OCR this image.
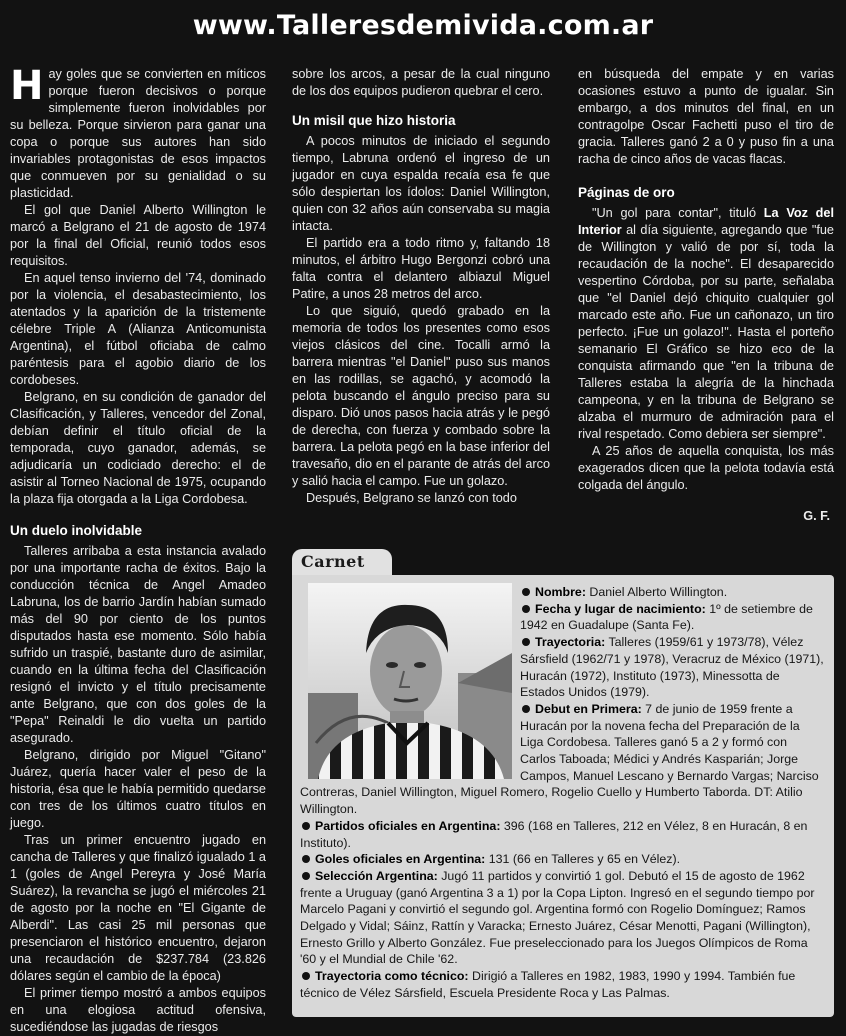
www.Talleresdemivida.com.ar

H ay goles que se convierten en míticos porque fueron decisivos o porque simplemente fueron inolvidables por su belleza. Porque sirvieron para ganar una copa o porque sus autores han sido invariables protagonistas de esos impactos que conmueven por su genialidad o su plasticidad.

El gol que Daniel Alberto Willington le marcó a Belgrano el 21 de agosto de 1974 por la final del Oficial, reunió todos esos requisitos.

En aquel tenso invierno del '74, dominado por la violencia, el desabastecimiento, los atentados y la aparición de la tristemente célebre Triple A (Alianza Anticomunista Argentina), el fútbol oficiaba de calmo paréntesis para el agobio diario de los cordobeses.

Belgrano, en su condición de ganador del Clasificación, y Talleres, vencedor del Zonal, debían definir el título oficial de la temporada, cuyo ganador, además, se adjudicaría un codiciado derecho: el de asistir al Torneo Nacional de 1975, ocupando la plaza fija otorgada a la Liga Cordobesa.

Un duelo inolvidable

Talleres arribaba a esta instancia avalado por una importante racha de éxitos. Bajo la conducción técnica de Angel Amadeo Labruna, los de barrio Jardín habían sumado más del 90 por ciento de los puntos disputados hasta ese momento. Sólo había sufrido un traspié, bastante duro de asimilar, cuando en la última fecha del Clasificación resignó el invicto y el título precisamente ante Belgrano, que con dos goles de la "Pepa" Reinaldi le dio vuelta un partido asegurado.

Belgrano, dirigido por Miguel "Gitano" Juárez, quería hacer valer el peso de la historia, ésa que le había permitido quedarse con tres de los últimos cuatro títulos en juego.

Tras un primer encuentro jugado en cancha de Talleres y que finalizó igualado 1 a 1 (goles de Angel Pereyra y José María Suárez), la revancha se jugó el miércoles 21 de agosto por la noche en "El Gigante de Alberdi". Las casi 25 mil personas que presenciaron el histórico encuentro, dejaron una recaudación de $237.784 (23.826 dólares según el cambio de la época)

El primer tiempo mostró a ambos equipos en una elogiosa actitud ofensiva, sucediéndose las jugadas de riesgos

sobre los arcos, a pesar de la cual ninguno de los dos equipos pudieron quebrar el cero.

Un misil que hizo historia

A pocos minutos de iniciado el segundo tiempo, Labruna ordenó el ingreso de un jugador en cuya espalda recaía esa fe que sólo despiertan los ídolos: Daniel Willington, quien con 32 años aún conservaba su magia intacta.

El partido era a todo ritmo y, faltando 18 minutos, el árbitro Hugo Bergonzi cobró una falta contra el delantero albiazul Miguel Patire, a unos 28 metros del arco.

Lo que siguió, quedó grabado en la memoria de todos los presentes como esos viejos clásicos del cine. Tocalli armó la barrera mientras "el Daniel" puso sus manos en las rodillas, se agachó, y acomodó la pelota buscando el ángulo preciso para su disparo. Dió unos pasos hacia atrás y le pegó de derecha, con fuerza y combado sobre la barrera. La pelota pegó en la base inferior del travesaño, dio en el parante de atrás del arco y salió hacia el campo. Fue un golazo.

Después, Belgrano se lanzó con todo

en búsqueda del empate y en varias ocasiones estuvo a punto de igualar. Sin embargo, a dos minutos del final, en un contragolpe Oscar Fachetti puso el tiro de gracia. Talleres ganó 2 a 0 y puso fin a una racha de cinco años de vacas flacas.

Páginas de oro

"Un gol para contar", tituló La Voz del Interior al día siguiente, agregando que "fue de Willington y valió de por sí, toda la recaudación de la noche". El desaparecido vespertino Córdoba, por su parte, señalaba que "el Daniel dejó chiquito cualquier gol marcado este año. Fue un cañonazo, un tiro perfecto. ¡Fue un golazo!". Hasta el porteño semanario El Gráfico se hizo eco de la conquista afirmando que "en la tribuna de Talleres estaba la alegría de la hinchada campeona, y en la tribuna de Belgrano se alzaba el murmuro de admiración para el rival respetado. Como debiera ser siempre".

A 25 años de aquella conquista, los más exagerados dicen que la pelota todavía está colgada del ángulo.

G. F.
Carnet
Nombre: Daniel Alberto Willington.
Fecha y lugar de nacimiento: 1º de setiembre de 1942 en Guadalupe (Santa Fe).
Trayectoria: Talleres (1959/61 y 1973/78), Vélez Sársfield (1962/71 y 1978), Veracruz de México (1971), Huracán (1972), Instituto (1973), Minessotta de Estados Unidos (1979).
Debut en Primera: 7 de junio de 1959 frente a Huracán por la novena fecha del Preparación de la Liga Cordobesa. Talleres ganó 5 a 2 y formó con Carlos Taboada; Médici y Andrés Kasparián; Jorge Campos, Manuel Lescano y Bernardo Vargas; Narciso Contreras, Daniel Willington, Miguel Romero, Rogelio Cuello y Humberto Taborda. DT: Atilio Willington.
Partidos oficiales en Argentina: 396 (168 en Talleres, 212 en Vélez, 8 en Huracán, 8 en Instituto).
Goles oficiales en Argentina: 131 (66 en Talleres y 65 en Vélez).
Selección Argentina: Jugó 11 partidos y convirtió 1 gol. Debutó el 15 de agosto de 1962 frente a Uruguay (ganó Argentina 3 a 1) por la Copa Lipton. Ingresó en el segundo tiempo por Marcelo Pagani y convirtió el segundo gol. Argentina formó con Rogelio Domínguez; Ramos Delgado y Vidal; Sáinz, Rattín y Varacka; Ernesto Juárez, César Menotti, Pagani (Willington), Ernesto Grillo y Alberto González. Fue preseleccionado para los Juegos Olímpicos de Roma '60 y el Mundial de Chile '62.
Trayectoria como técnico: Dirigió a Talleres en 1982, 1983, 1990 y 1994. También fue técnico de Vélez Sársfield, Escuela Presidente Roca y Las Palmas.
